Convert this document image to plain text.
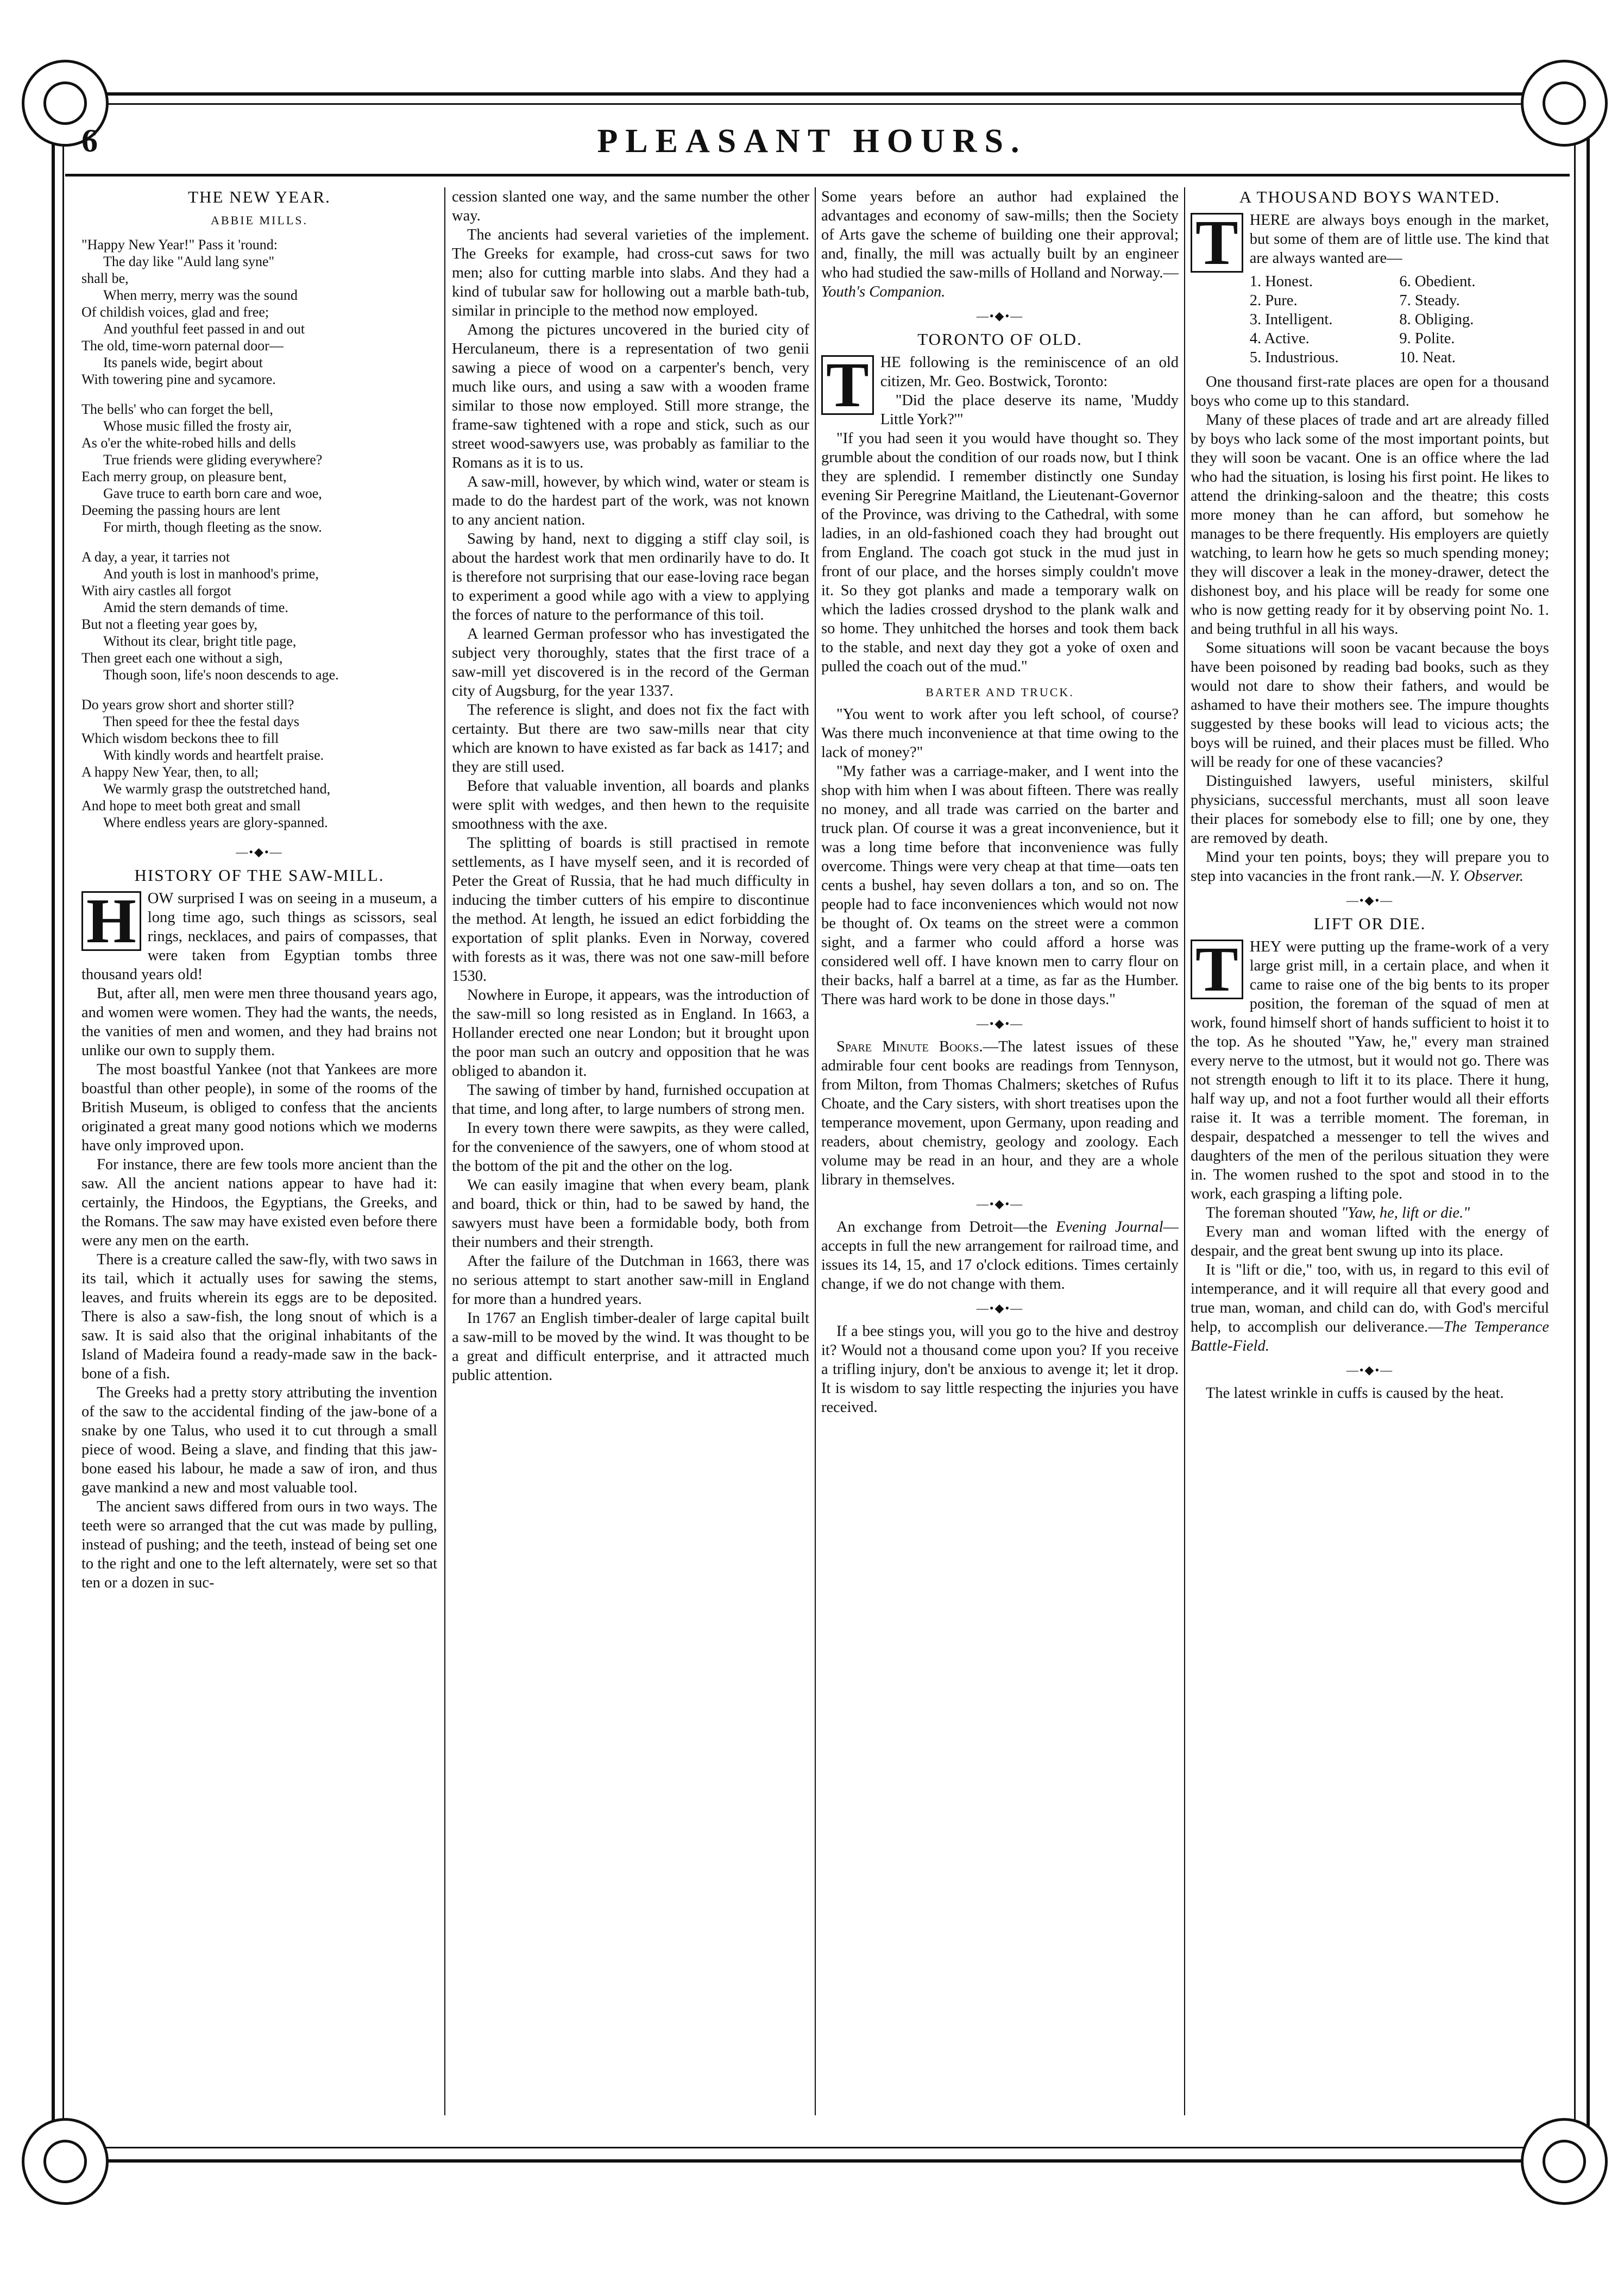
6	PLEASANT HOURS.
THE NEW YEAR.
ABBIE MILLS.
"Happy New Year!" Pass it 'round:
The day like "Auld lang syne"
shall be,
When merry, merry was the sound
Of childish voices, glad and free;
And youthful feet passed in and out
The old, time-worn paternal door—
Its panels wide, begirt about
With towering pine and sycamore.
The bells' who can forget the bell,
Whose music filled the frosty air,
As o'er the white-robed hills and dells
True friends were gliding everywhere?
Each merry group, on pleasure bent,
Gave truce to earth born care and woe,
Deeming the passing hours are lent
For mirth, though fleeting as the snow.
A day, a year, it tarries not
And youth is lost in manhood's prime,
With airy castles all forgot
Amid the stern demands of time.
But not a fleeting year goes by,
Without its clear, bright title page,
Then greet each one without a sigh,
Though soon, life's noon descends to age.
Do years grow short and shorter still?
Then speed for thee the festal days
Which wisdom beckons thee to fill
With kindly words and heartfelt praise.
A happy New Year, then, to all;
We warmly grasp the outstretched hand,
And hope to meet both great and small
Where endless years are glory-spanned.
—•◆•—
HISTORY OF THE SAW-MILL.

H OW surprised I was on seeing in a museum, a long time ago, such things as scissors, seal rings, necklaces, and pairs of compasses, that were taken from Egyptian tombs three thousand years old!

But, after all, men were men three thousand years ago, and women were women. They had the wants, the needs, the vanities of men and women, and they had brains not unlike our own to supply them.

The most boastful Yankee (not that Yankees are more boastful than other people), in some of the rooms of the British Museum, is obliged to confess that the ancients originated a great many good notions which we moderns have only improved upon.

For instance, there are few tools more ancient than the saw. All the ancient nations appear to have had it: certainly, the Hindoos, the Egyptians, the Greeks, and the Romans. The saw may have existed even before there were any men on the earth.

There is a creature called the saw-fly, with two saws in its tail, which it actually uses for sawing the stems, leaves, and fruits wherein its eggs are to be deposited. There is also a saw-fish, the long snout of which is a saw. It is said also that the original inhabitants of the Island of Madeira found a ready-made saw in the back-bone of a fish.

The Greeks had a pretty story attributing the invention of the saw to the accidental finding of the jaw-bone of a snake by one Talus, who used it to cut through a small piece of wood. Being a slave, and finding that this jaw-bone eased his labour, he made a saw of iron, and thus gave mankind a new and most valuable tool.

The ancient saws differed from ours in two ways. The teeth were so arranged that the cut was made by pulling, instead of pushing; and the teeth, instead of being set one to the right and one to the left alternately, were set so that ten or a dozen in suc-

cession slanted one way, and the same number the other way.

The ancients had several varieties of the implement. The Greeks for example, had cross-cut saws for two men; also for cutting marble into slabs. And they had a kind of tubular saw for hollowing out a marble bath-tub, similar in principle to the method now employed.

Among the pictures uncovered in the buried city of Herculaneum, there is a representation of two genii sawing a piece of wood on a carpenter's bench, very much like ours, and using a saw with a wooden frame similar to those now employed. Still more strange, the frame-saw tightened with a rope and stick, such as our street wood-sawyers use, was probably as familiar to the Romans as it is to us.

A saw-mill, however, by which wind, water or steam is made to do the hardest part of the work, was not known to any ancient nation.

Sawing by hand, next to digging a stiff clay soil, is about the hardest work that men ordinarily have to do. It is therefore not surprising that our ease-loving race began to experiment a good while ago with a view to applying the forces of nature to the performance of this toil.

A learned German professor who has investigated the subject very thoroughly, states that the first trace of a saw-mill yet discovered is in the record of the German city of Augsburg, for the year 1337.

The reference is slight, and does not fix the fact with certainty. But there are two saw-mills near that city which are known to have existed as far back as 1417; and they are still used.

Before that valuable invention, all boards and planks were split with wedges, and then hewn to the requisite smoothness with the axe.

The splitting of boards is still practised in remote settlements, as I have myself seen, and it is recorded of Peter the Great of Russia, that he had much difficulty in inducing the timber cutters of his empire to discontinue the method. At length, he issued an edict forbidding the exportation of split planks. Even in Norway, covered with forests as it was, there was not one saw-mill before 1530.

Nowhere in Europe, it appears, was the introduction of the saw-mill so long resisted as in England. In 1663, a Hollander erected one near London; but it brought upon the poor man such an outcry and opposition that he was obliged to abandon it.

The sawing of timber by hand, furnished occupation at that time, and long after, to large numbers of strong men.

In every town there were sawpits, as they were called, for the convenience of the sawyers, one of whom stood at the bottom of the pit and the other on the log.

We can easily imagine that when every beam, plank and board, thick or thin, had to be sawed by hand, the sawyers must have been a formidable body, both from their numbers and their strength.

After the failure of the Dutchman in 1663, there was no serious attempt to start another saw-mill in England for more than a hundred years.

In 1767 an English timber-dealer of large capital built a saw-mill to be moved by the wind. It was thought to be a great and difficult enterprise, and it attracted much public attention.

Some years before an author had explained the advantages and economy of saw-mills; then the Society of Arts gave the scheme of building one their approval; and, finally, the mill was actually built by an engineer who had studied the saw-mills of Holland and Norway.—Youth's Companion.

—•◆•—
TORONTO OF OLD.

T HE following is the reminiscence of an old citizen, Mr. Geo. Bostwick, Toronto:

"Did the place deserve its name, 'Muddy Little York?'"

"If you had seen it you would have thought so. They grumble about the condition of our roads now, but I think they are splendid. I remember distinctly one Sunday evening Sir Peregrine Maitland, the Lieutenant-Governor of the Province, was driving to the Cathedral, with some ladies, in an old-fashioned coach they had brought out from England. The coach got stuck in the mud just in front of our place, and the horses simply couldn't move it. So they got planks and made a temporary walk on which the ladies crossed dryshod to the plank walk and so home. They unhitched the horses and took them back to the stable, and next day they got a yoke of oxen and pulled the coach out of the mud."

BARTER AND TRUCK.

"You went to work after you left school, of course? Was there much inconvenience at that time owing to the lack of money?"

"My father was a carriage-maker, and I went into the shop with him when I was about fifteen. There was really no money, and all trade was carried on the barter and truck plan. Of course it was a great inconvenience, but it was a long time before that inconvenience was fully overcome. Things were very cheap at that time—oats ten cents a bushel, hay seven dollars a ton, and so on. The people had to face inconveniences which would not now be thought of. Ox teams on the street were a common sight, and a farmer who could afford a horse was considered well off. I have known men to carry flour on their backs, half a barrel at a time, as far as the Humber. There was hard work to be done in those days."

—•◆•—

Spare Minute Books.—The latest issues of these admirable four cent books are readings from Tennyson, from Milton, from Thomas Chalmers; sketches of Rufus Choate, and the Cary sisters, with short treatises upon the temperance movement, upon Germany, upon reading and readers, about chemistry, geology and zoology. Each volume may be read in an hour, and they are a whole library in themselves.

—•◆•—

An exchange from Detroit—the Evening Journal—accepts in full the new arrangement for railroad time, and issues its 14, 15, and 17 o'clock editions. Times certainly change, if we do not change with them.

—•◆•—

If a bee stings you, will you go to the hive and destroy it? Would not a thousand come upon you? If you receive a trifling injury, don't be anxious to avenge it; let it drop. It is wisdom to say little respecting the injuries you have received.

A THOUSAND BOYS WANTED.

T HERE are always boys enough in the market, but some of them are of little use. The kind that are always wanted are—

1. Honest.	6. Obedient.
2. Pure.	7. Steady.
3. Intelligent.	8. Obliging.
4. Active.	9. Polite.
5. Industrious.	10. Neat.

One thousand first-rate places are open for a thousand boys who come up to this standard.

Many of these places of trade and art are already filled by boys who lack some of the most important points, but they will soon be vacant. One is an office where the lad who had the situation, is losing his first point. He likes to attend the drinking-saloon and the theatre; this costs more money than he can afford, but somehow he manages to be there frequently. His employers are quietly watching, to learn how he gets so much spending money; they will discover a leak in the money-drawer, detect the dishonest boy, and his place will be ready for some one who is now getting ready for it by observing point No. 1. and being truthful in all his ways.

Some situations will soon be vacant because the boys have been poisoned by reading bad books, such as they would not dare to show their fathers, and would be ashamed to have their mothers see. The impure thoughts suggested by these books will lead to vicious acts; the boys will be ruined, and their places must be filled. Who will be ready for one of these vacancies?

Distinguished lawyers, useful ministers, skilful physicians, successful merchants, must all soon leave their places for somebody else to fill; one by one, they are removed by death.

Mind your ten points, boys; they will prepare you to step into vacancies in the front rank.—N. Y. Observer.

—•◆•—
LIFT OR DIE.

T HEY were putting up the frame-work of a very large grist mill, in a certain place, and when it came to raise one of the big bents to its proper position, the foreman of the squad of men at work, found himself short of hands sufficient to hoist it to the top. As he shouted "Yaw, he," every man strained every nerve to the utmost, but it would not go. There was not strength enough to lift it to its place. There it hung, half way up, and not a foot further would all their efforts raise it. It was a terrible moment. The foreman, in despair, despatched a messenger to tell the wives and daughters of the men of the perilous situation they were in. The women rushed to the spot and stood in to the work, each grasping a lifting pole.

The foreman shouted "Yaw, he, lift or die."

Every man and woman lifted with the energy of despair, and the great bent swung up into its place.

It is "lift or die," too, with us, in regard to this evil of intemperance, and it will require all that every good and true man, woman, and child can do, with God's merciful help, to accomplish our deliverance.—The Temperance Battle-Field.

—•◆•—

The latest wrinkle in cuffs is caused by the heat.
